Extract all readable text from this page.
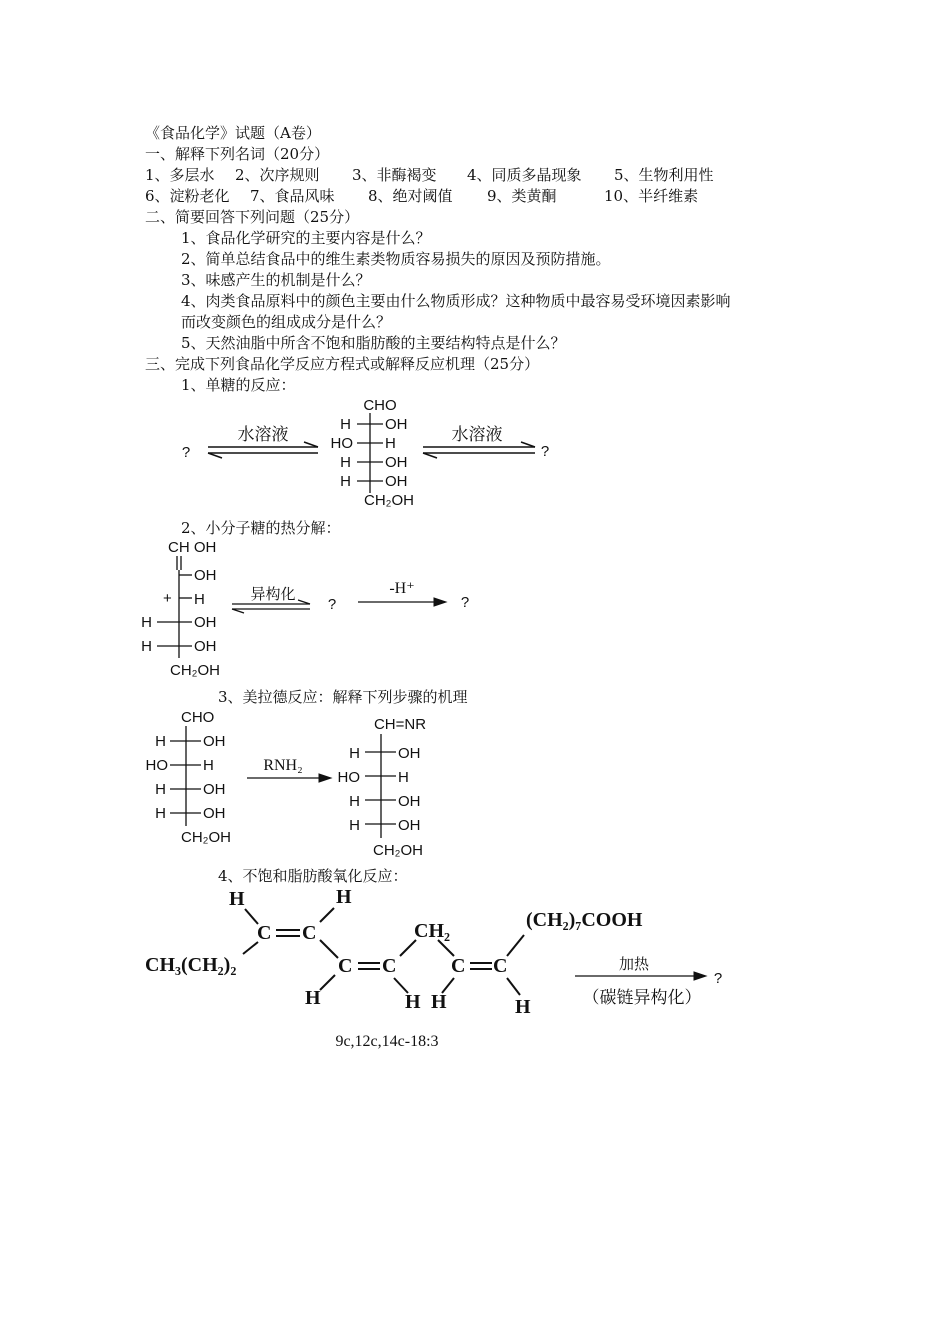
《食品化学》试题（A卷）
一、解释下列名词（20分）
1、多层水 2、次序规则 3、非酶褐变 4、同质多晶现象 5、生物利用性
6、淀粉老化 7、食品风味 8、绝对阈值 9、类黄酮	10、半纤维素
二、简要回答下列问题（25分）
1、食品化学研究的主要内容是什么？
2、简单总结食品中的维生素类物质容易损失的原因及预防措施。
3、味感产生的机制是什么？
4、肉类食品原料中的颜色主要由什么物质形成？这种物质中最容易受环境因素影响
而改变颜色的组成成分是什么？
5、天然油脂中所含不饱和脂肪酸的主要结构特点是什么？
三、完成下列食品化学反应方程式或解释反应机理（25分）
1、单糖的反应：
2、小分子糖的热分解：
3、美拉德反应：解释下列步骤的机理
4、不饱和脂肪酸氧化反应：
?
水溶液
CHO
H OH
HO H
H OH
H OH
CH₂OH
水溶液
?
CH OH
OH
+ H
H	OH
H	OH
CH₂OH
异构化
?
-H⁺
?
CHO
H OH
HO H
H OH
H OH
CH₂OH
RNH₂
CH=NR
H	OH
HO	H
H	OH
H	OH
CH₂OH
CH₃(CH₂)₂
H
C C
H
C C
H	H
CH₂
C C
H	H
(CH₂)₇COOH
加热
（碳链异构化）
?
9c,12c,14c-18:3
